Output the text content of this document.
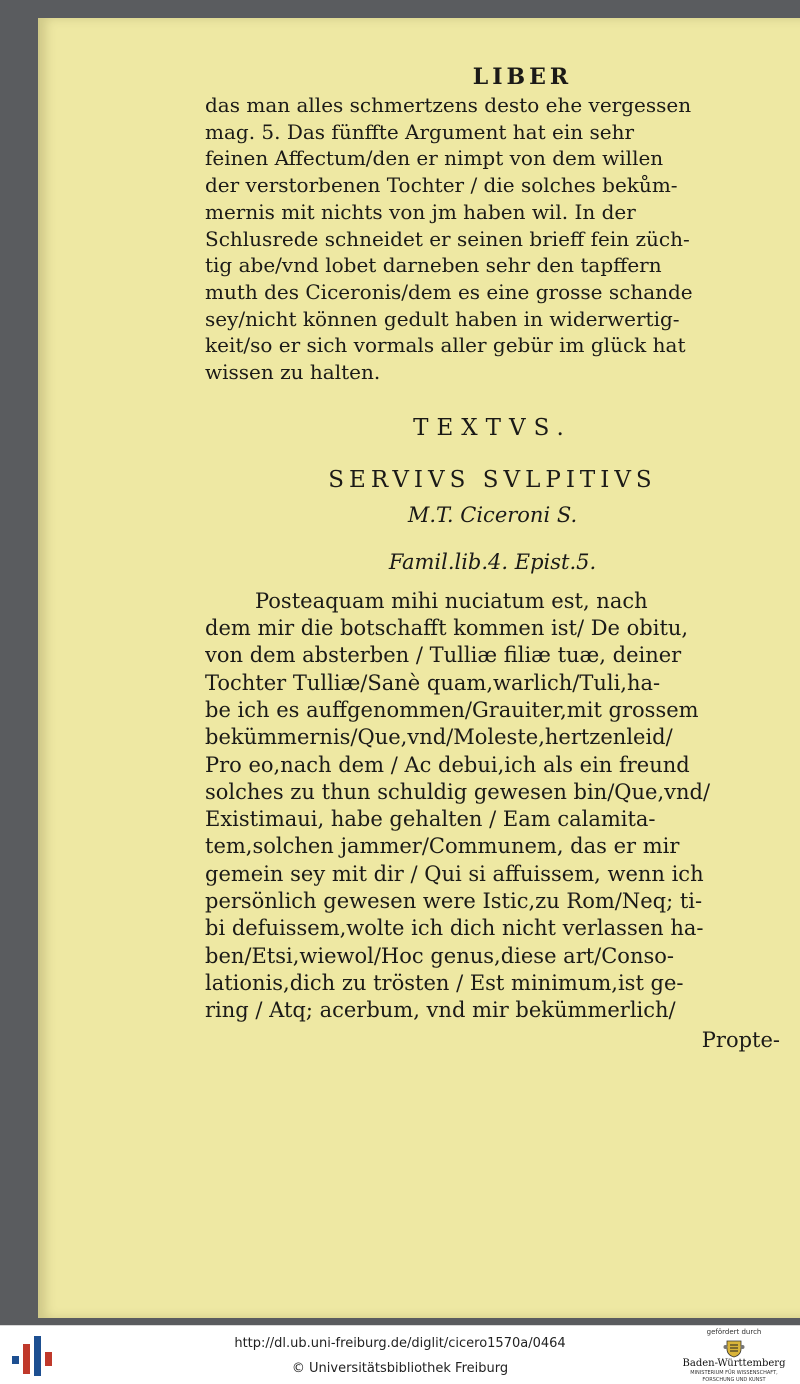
LIBER
das man alles schmertzens desto ehe vergessen
mag. 5. Das fünffte Argument hat ein sehr
feinen Affectum/den er nimpt von dem willen
der verstorbenen Tochter / die solches bekům-
mernis mit nichts von jm haben wil. In der
Schlusrede schneidet er seinen brieff fein züch-
tig abe/vnd lobet darneben sehr den tapffern
muth des Ciceronis/dem es eine grosse schande
sey/nicht können gedult haben in widerwertig-
keit/so er sich vormals aller gebür im glück hat
wissen zu halten.
TEXTVS.
SERVIVS SVLPITIVS
M.T. Ciceroni S.
Famil.lib.4. Epist.5.
Posteaquam mihi nuciatum est, nach
dem mir die botschafft kommen ist/ De obitu,
von dem absterben / Tulliæ filiæ tuæ, deiner
Tochter Tulliæ/Sanè quam,warlich/Tuli,ha-
be ich es auffgenommen/Grauiter,mit grossem
bekümmernis/Que,vnd/Moleste,hertzenleid/
Pro eo,nach dem / Ac debui,ich als ein freund
solches zu thun schuldig gewesen bin/Que,vnd/
Existimaui, habe gehalten / Eam calamita-
tem,solchen jammer/Communem, das er mir
gemein sey mit dir / Qui si affuissem, wenn ich
persönlich gewesen were Istic,zu Rom/Neq; ti-
bi defuissem,wolte ich dich nicht verlassen ha-
ben/Etsi,wiewol/Hoc genus,diese art/Conso-
lationis,dich zu trösten / Est minimum,ist ge-
ring / Atq; acerbum, vnd mir bekümmerlich/
Propte-
http://dl.ub.uni-freiburg.de/diglit/cicero1570a/0464
© Universitätsbibliothek Freiburg
gefördert durch
Baden-Württemberg
MINISTERIUM FÜR WISSENSCHAFT, FORSCHUNG UND KUNST
